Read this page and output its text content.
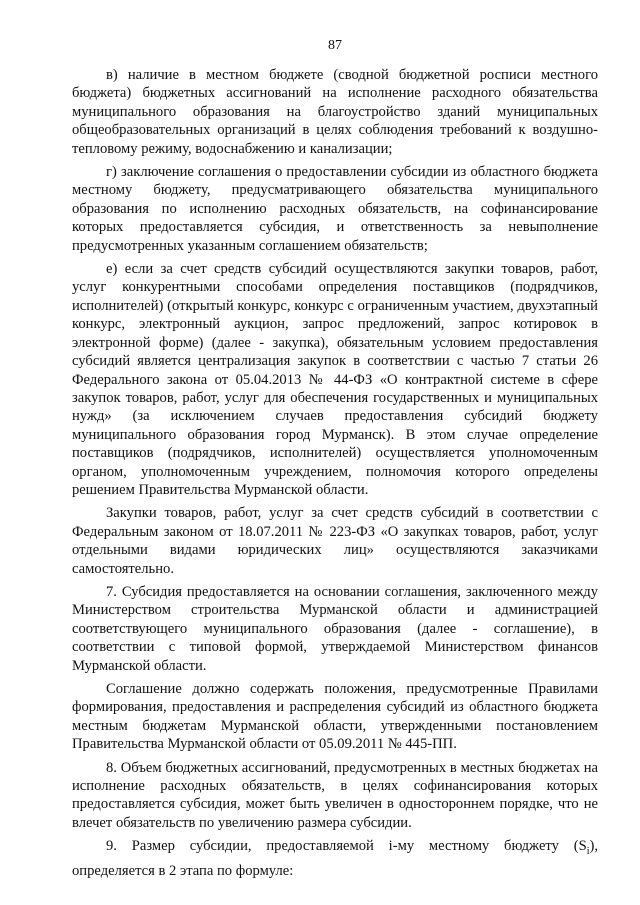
87

в) наличие в местном бюджете (сводной бюджетной росписи местного бюджета) бюджетных ассигнований на исполнение расходного обязательства муниципального образования на благоустройство зданий муниципальных общеобразовательных организаций в целях соблюдения требований к воздушно-тепловому режиму, водоснабжению и канализации;

г) заключение соглашения о предоставлении субсидии из областного бюджета местному бюджету, предусматривающего обязательства муниципального образования по исполнению расходных обязательств, на софинансирование которых предоставляется субсидия, и ответственность за невыполнение предусмотренных указанным соглашением обязательств;

е) если за счет средств субсидий осуществляются закупки товаров, работ, услуг конкурентными способами определения поставщиков (подрядчиков, исполнителей) (открытый конкурс, конкурс с ограниченным участием, двухэтапный конкурс, электронный аукцион, запрос предложений, запрос котировок в электронной форме) (далее - закупка), обязательным условием предоставления субсидий является централизация закупок в соответствии с частью 7 статьи 26 Федерального закона от 05.04.2013 № 44-ФЗ «О контрактной системе в сфере закупок товаров, работ, услуг для обеспечения государственных и муниципальных нужд» (за исключением случаев предоставления субсидий бюджету муниципального образования город Мурманск). В этом случае определение поставщиков (подрядчиков, исполнителей) осуществляется уполномоченным органом, уполномоченным учреждением, полномочия которого определены решением Правительства Мурманской области.

Закупки товаров, работ, услуг за счет средств субсидий в соответствии с Федеральным законом от 18.07.2011 № 223-ФЗ «О закупках товаров, работ, услуг отдельными видами юридических лиц» осуществляются заказчиками самостоятельно.

7. Субсидия предоставляется на основании соглашения, заключенного между Министерством строительства Мурманской области и администрацией соответствующего муниципального образования (далее - соглашение), в соответствии с типовой формой, утверждаемой Министерством финансов Мурманской области.

Соглашение должно содержать положения, предусмотренные Правилами формирования, предоставления и распределения субсидий из областного бюджета местным бюджетам Мурманской области, утвержденными постановлением Правительства Мурманской области от 05.09.2011 № 445-ПП.

8. Объем бюджетных ассигнований, предусмотренных в местных бюджетах на исполнение расходных обязательств, в целях софинансирования которых предоставляется субсидия, может быть увеличен в одностороннем порядке, что не влечет обязательств по увеличению размера субсидии.

9. Размер субсидии, предоставляемой i-му местному бюджету $(S_i)$, определяется в 2 этапа по формуле:
